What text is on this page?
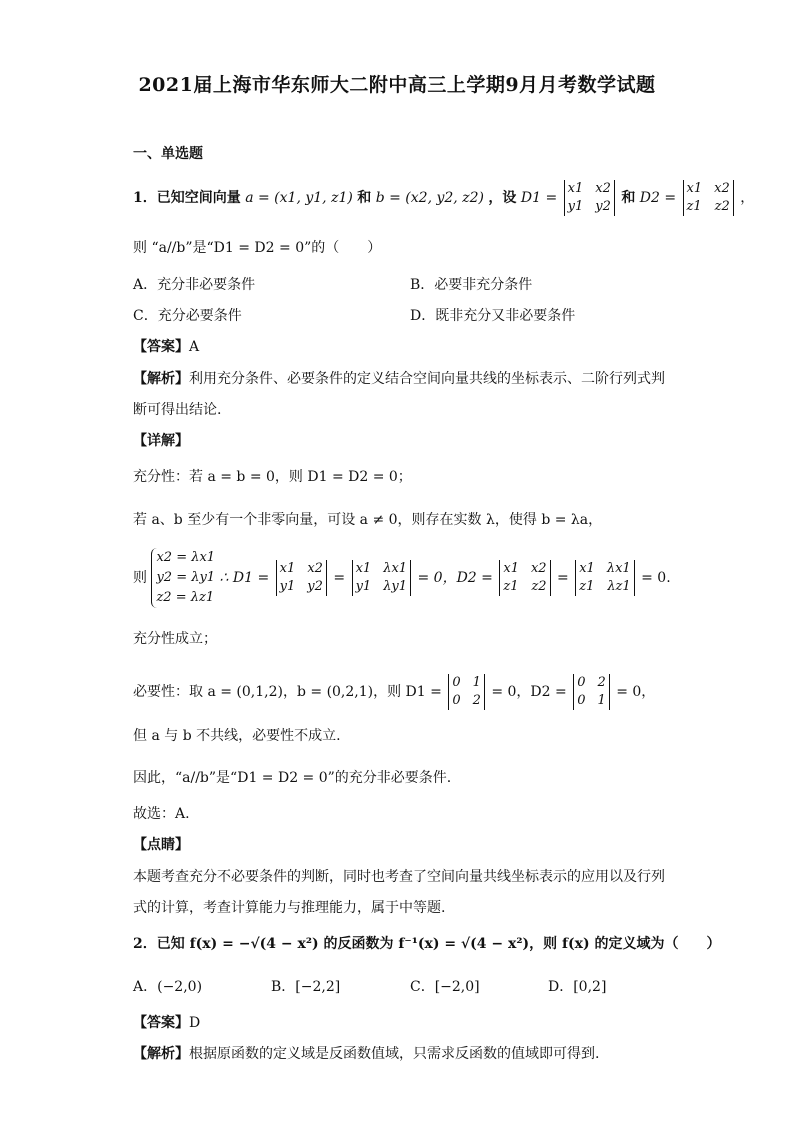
2021届上海市华东师大二附中高三上学期9月月考数学试题
一、单选题
1．已知空间向量 a = (x1, y1, z1) 和 b = (x2, y2, z2) ，设 D1 =
x1 x2
y1 y2
和 D2 =
x1 x2
z1 z2
，
则 “a//b”是“D1 = D2 = 0”的（　　）
A．充分非必要条件	B．必要非充分条件
C．充分必要条件	D．既非充分又非必要条件
【答案】A
【解析】利用充分条件、必要条件的定义结合空间向量共线的坐标表示、二阶行列式判
断可得出结论.
【详解】
充分性：若 a = b = 0，则 D1 = D2 = 0；
若 a、b 至少有一个非零向量，可设 a ≠ 0，则存在实数 λ，使得 b = λa，
则
x2 = λx1
y2 = λy1
z2 = λz1
∴ D1 =
x1 x2
y1 y2
=
x1 λx1
y1 λy1
= 0，D2 =
x1 x2
z1 z2
=
x1 λx1
z1 λz1
= 0.
充分性成立；
必要性：取 a = (0,1,2)，b = (0,2,1)，则 D1 =
0 1
0 2
= 0，D2 =
0 2
0 1
= 0，
但 a 与 b 不共线，必要性不成立.
因此，“a//b”是“D1 = D2 = 0”的充分非必要条件.
故选：A.
【点睛】
本题考查充分不必要条件的判断，同时也考查了空间向量共线坐标表示的应用以及行列
式的计算，考查计算能力与推理能力，属于中等题.
2．已知 f(x) = −√(4 − x²) 的反函数为 f⁻¹(x) = √(4 − x²)，则 f(x) 的定义域为（　　）
A．(−2,0)	B．[−2,2]	C．[−2,0]	D．[0,2]
【答案】D
【解析】根据原函数的定义域是反函数值域，只需求反函数的值域即可得到.
